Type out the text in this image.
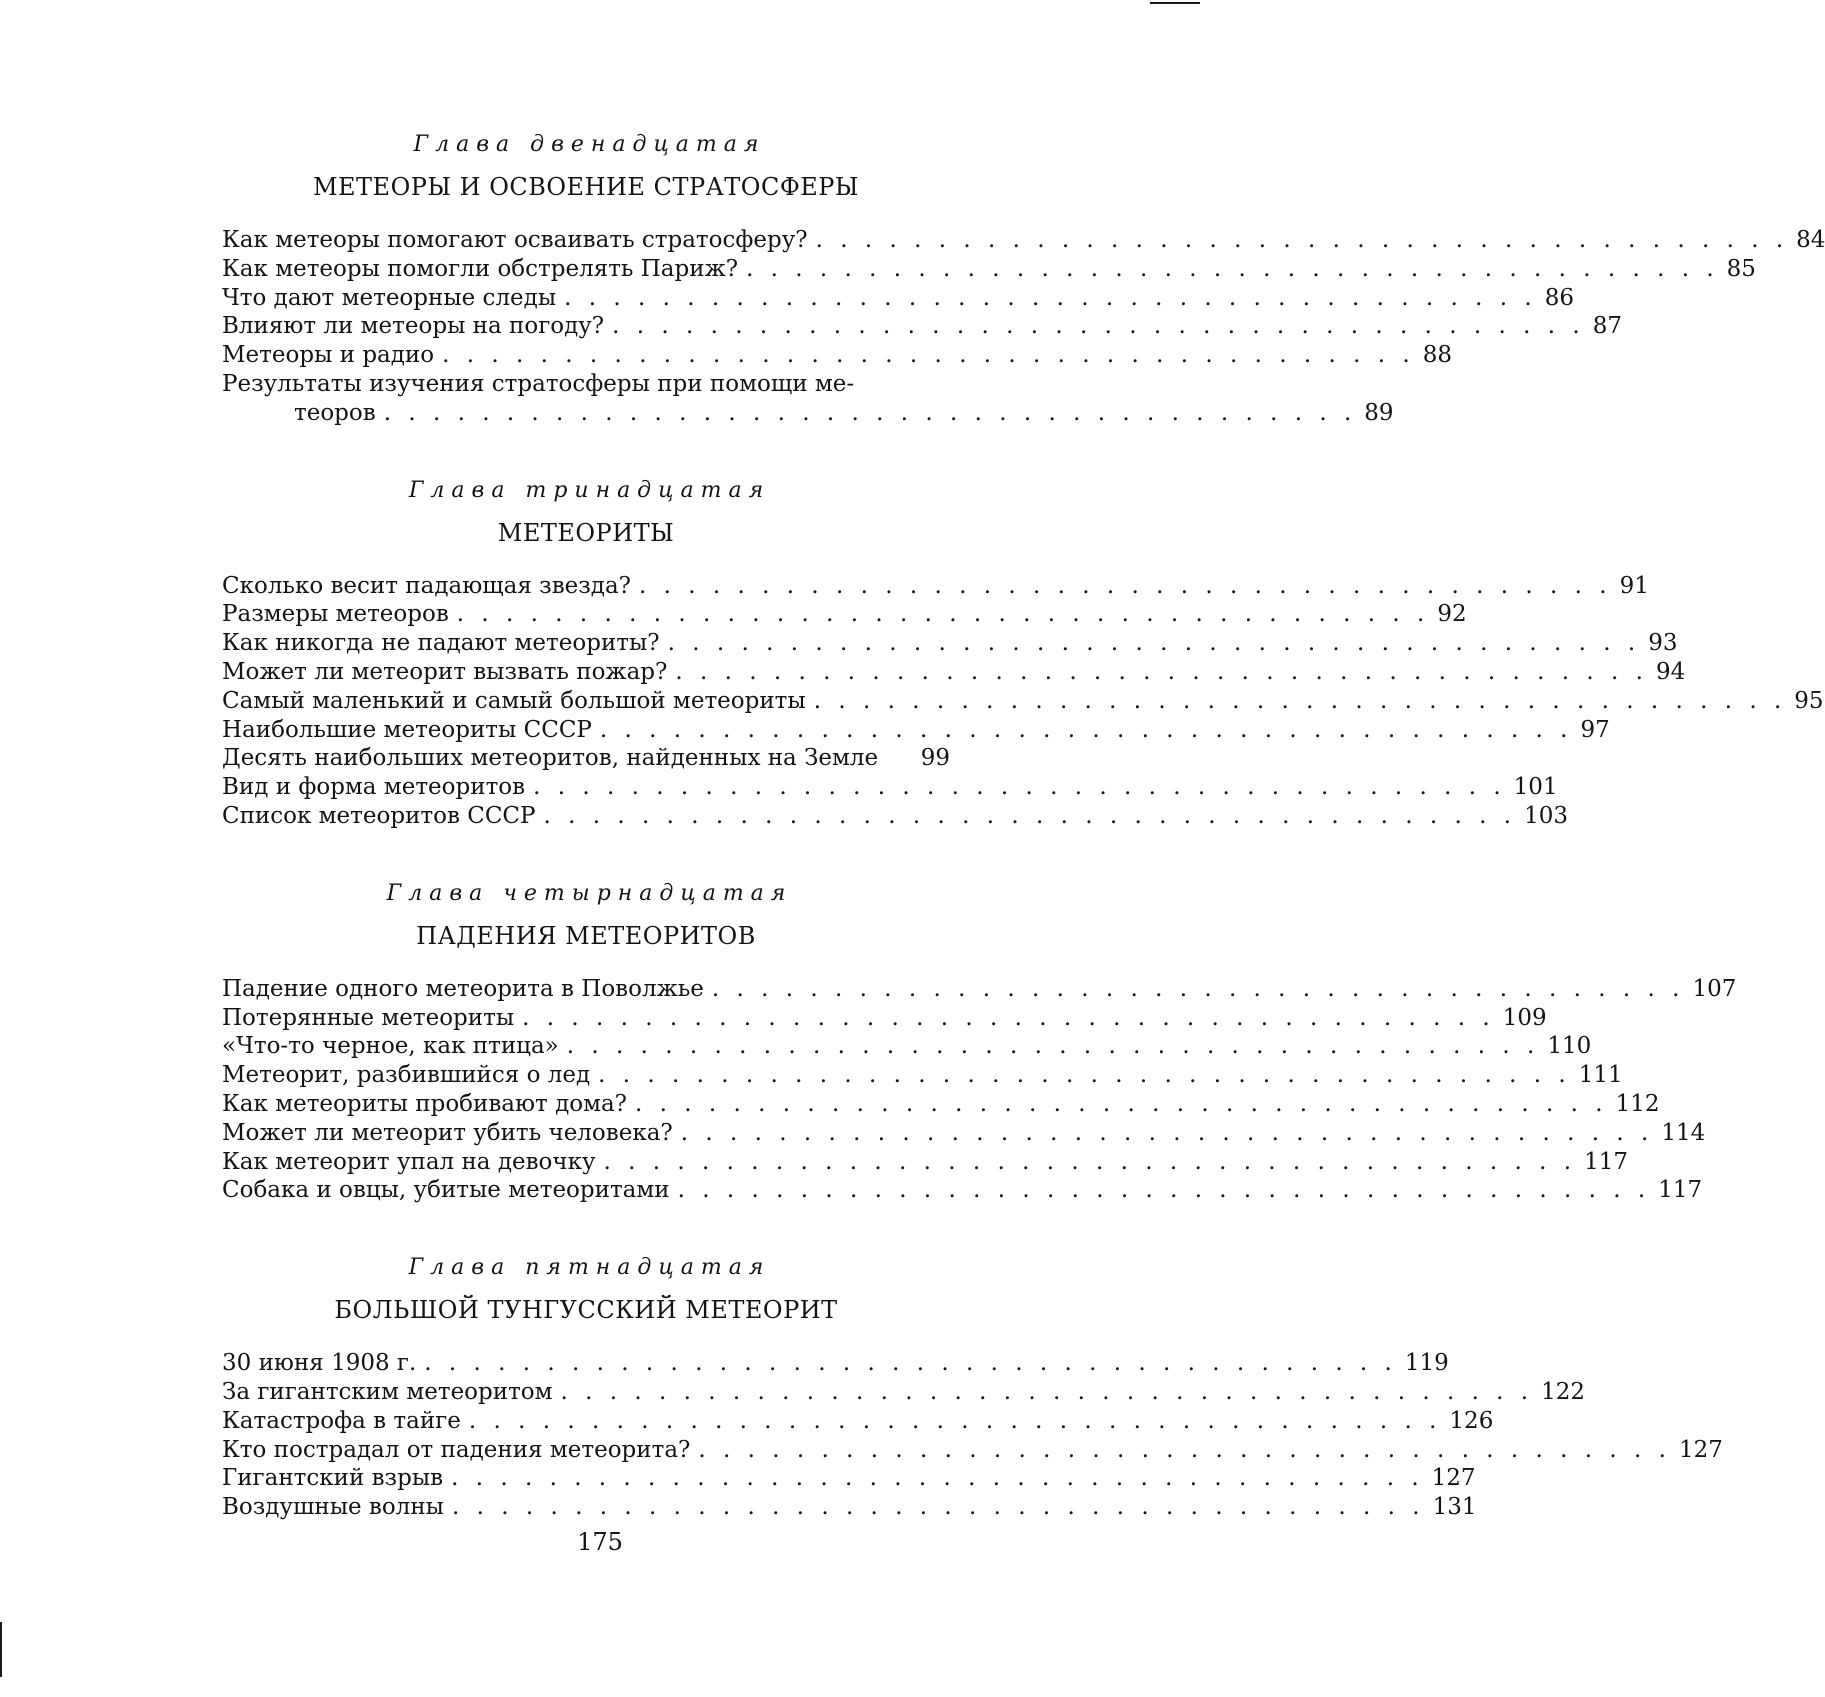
Глава двенадцатая
МЕТЕОРЫ И ОСВОЕНИЕ СТРАТОСФЕРЫ
Как метеоры помогают осваивать стратосферу? . . . . . . . . . . . . . . . . . . . . . . . . . . . . . . . . . . . . . . . . 84
Как метеоры помогли обстрелять Париж? . . . . . . . . . . . . . . . . . . . . . . . . . . . . . . . . . . . . . . . . 85
Что дают метеорные следы . . . . . . . . . . . . . . . . . . . . . . . . . . . . . . . . . . . . . . . . 86
Влияют ли метеоры на погоду? . . . . . . . . . . . . . . . . . . . . . . . . . . . . . . . . . . . . . . . . 87
Метеоры и радио . . . . . . . . . . . . . . . . . . . . . . . . . . . . . . . . . . . . . . . . 88
Результаты изучения стратосферы при помощи ме-
теоров . . . . . . . . . . . . . . . . . . . . . . . . . . . . . . . . . . . . . . . . 89
Глава тринадцатая
МЕТЕОРИТЫ
Сколько весит падающая звезда? . . . . . . . . . . . . . . . . . . . . . . . . . . . . . . . . . . . . . . . . 91
Размеры метеоров . . . . . . . . . . . . . . . . . . . . . . . . . . . . . . . . . . . . . . . . 92
Как никогда не падают метеориты? . . . . . . . . . . . . . . . . . . . . . . . . . . . . . . . . . . . . . . . . 93
Может ли метеорит вызвать пожар? . . . . . . . . . . . . . . . . . . . . . . . . . . . . . . . . . . . . . . . . 94
Самый маленький и самый большой метеориты . . . . . . . . . . . . . . . . . . . . . . . . . . . . . . . . . . . . . . . . 95
Наибольшие метеориты СССР . . . . . . . . . . . . . . . . . . . . . . . . . . . . . . . . . . . . . . . . 97
Десять наибольших метеоритов, найденных на Земле	99
Вид и форма метеоритов . . . . . . . . . . . . . . . . . . . . . . . . . . . . . . . . . . . . . . . . 101
Список метеоритов СССР . . . . . . . . . . . . . . . . . . . . . . . . . . . . . . . . . . . . . . . . 103
Глава четырнадцатая
ПАДЕНИЯ МЕТЕОРИТОВ
Падение одного метеорита в Поволжье . . . . . . . . . . . . . . . . . . . . . . . . . . . . . . . . . . . . . . . . 107
Потерянные метеориты . . . . . . . . . . . . . . . . . . . . . . . . . . . . . . . . . . . . . . . . 109
«Что-то черное, как птица» . . . . . . . . . . . . . . . . . . . . . . . . . . . . . . . . . . . . . . . . 110
Метеорит, разбившийся о лед . . . . . . . . . . . . . . . . . . . . . . . . . . . . . . . . . . . . . . . . 111
Как метеориты пробивают дома? . . . . . . . . . . . . . . . . . . . . . . . . . . . . . . . . . . . . . . . . 112
Может ли метеорит убить человека? . . . . . . . . . . . . . . . . . . . . . . . . . . . . . . . . . . . . . . . . 114
Как метеорит упал на девочку . . . . . . . . . . . . . . . . . . . . . . . . . . . . . . . . . . . . . . . . 117
Собака и овцы, убитые метеоритами . . . . . . . . . . . . . . . . . . . . . . . . . . . . . . . . . . . . . . . . 117
Глава пятнадцатая
БОЛЬШОЙ ТУНГУССКИЙ МЕТЕОРИТ
30 июня 1908 г. . . . . . . . . . . . . . . . . . . . . . . . . . . . . . . . . . . . . . . . . 119
За гигантским метеоритом . . . . . . . . . . . . . . . . . . . . . . . . . . . . . . . . . . . . . . . . 122
Катастрофа в тайге . . . . . . . . . . . . . . . . . . . . . . . . . . . . . . . . . . . . . . . . 126
Кто пострадал от падения метеорита? . . . . . . . . . . . . . . . . . . . . . . . . . . . . . . . . . . . . . . . . 127
Гигантский взрыв . . . . . . . . . . . . . . . . . . . . . . . . . . . . . . . . . . . . . . . . 127
Воздушные волны . . . . . . . . . . . . . . . . . . . . . . . . . . . . . . . . . . . . . . . . 131
175
